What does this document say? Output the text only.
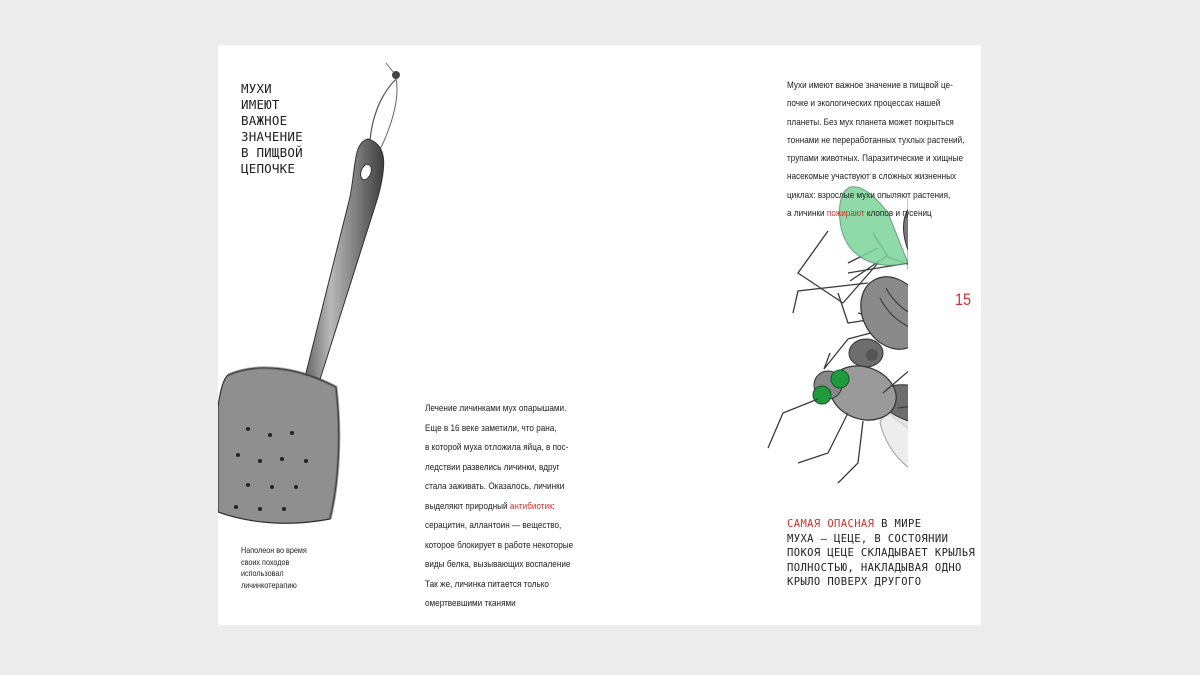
МУХИ
ИМЕЮТ
ВАЖНОЕ
ЗНАЧЕНИЕ
В ПИЩВОЙ
ЦЕПОЧКЕ
Наполеон во время
своих походов
использовал
личинкотерапию
Лечение личинками мух опарышами.
Еще в 16 веке заметили, что рана,
в которой муха отложила яйца, в пос-
ледствии развелись личинки, вдруг
стала заживать. Оказалось, личинки
выделяют природный антибиотик:
серацитин, аллантоин — вещество,
которое блокирует в работе некоторые
виды белка, вызывающих воспаление
Так же, личинка питается только
омертвевшими тканями
Мухи имеют важное значение в пищвой це-
почке и экологических процессах нашей
планеты. Без мух планета может покрыться
тоннами не переработанных тухлых растений,
трупами животных. Паразитические и хищные
насекомые участвуют в сложных жизненных
циклах: взрослые мухи опыляют растения,
а личинки пожирают клопов и гусениц
15
САМАЯ ОПАСНАЯ В МИРЕ
МУХА — ЦЕЦЕ, В СОСТОЯНИИ
ПОКОЯ ЦЕЦЕ СКЛАДЫВАЕТ КРЫЛЬЯ
ПОЛНОСТЬЮ, НАКЛАДЫВАЯ ОДНО
КРЫЛО ПОВЕРХ ДРУГОГО
